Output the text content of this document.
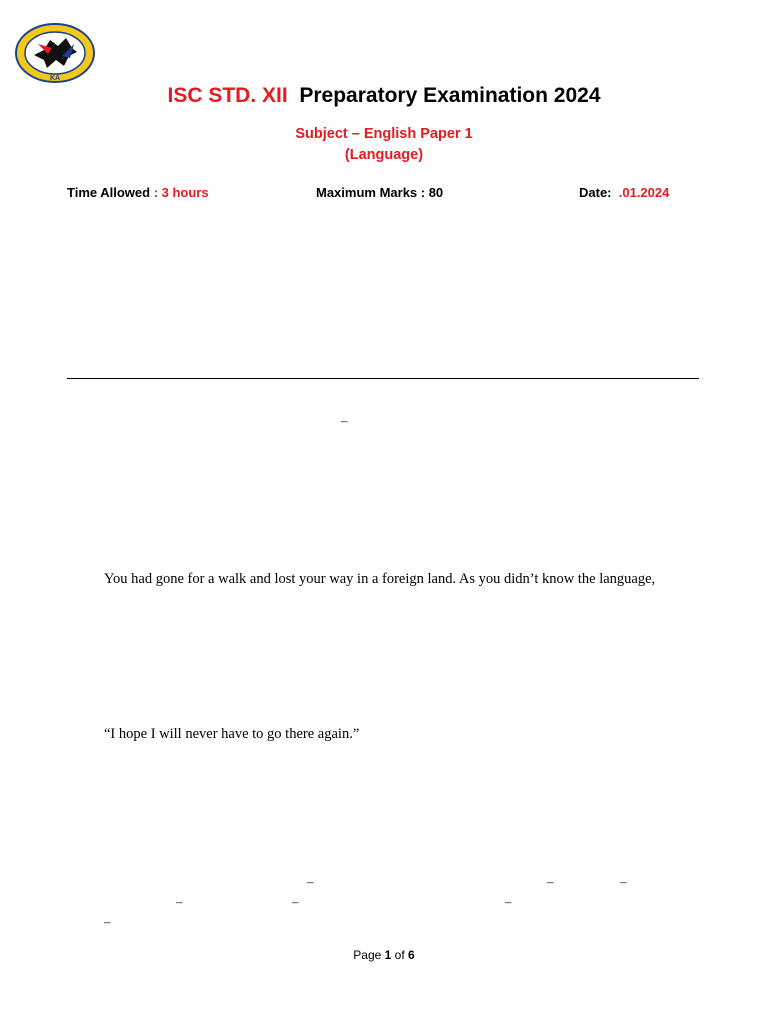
KA
ISC STD. XII Preparatory Examination 2024
Subject – English Paper 1
(Language)
Time Allowed : 3 hours	Maximum Marks : 80	Date: .01.2024
–
You had gone for a walk and lost your way in a foreign land. As you didn’t know the language,
“I hope I will never have to go there again.”
–	–	–
–	–	–
–
Page 1 of 6
